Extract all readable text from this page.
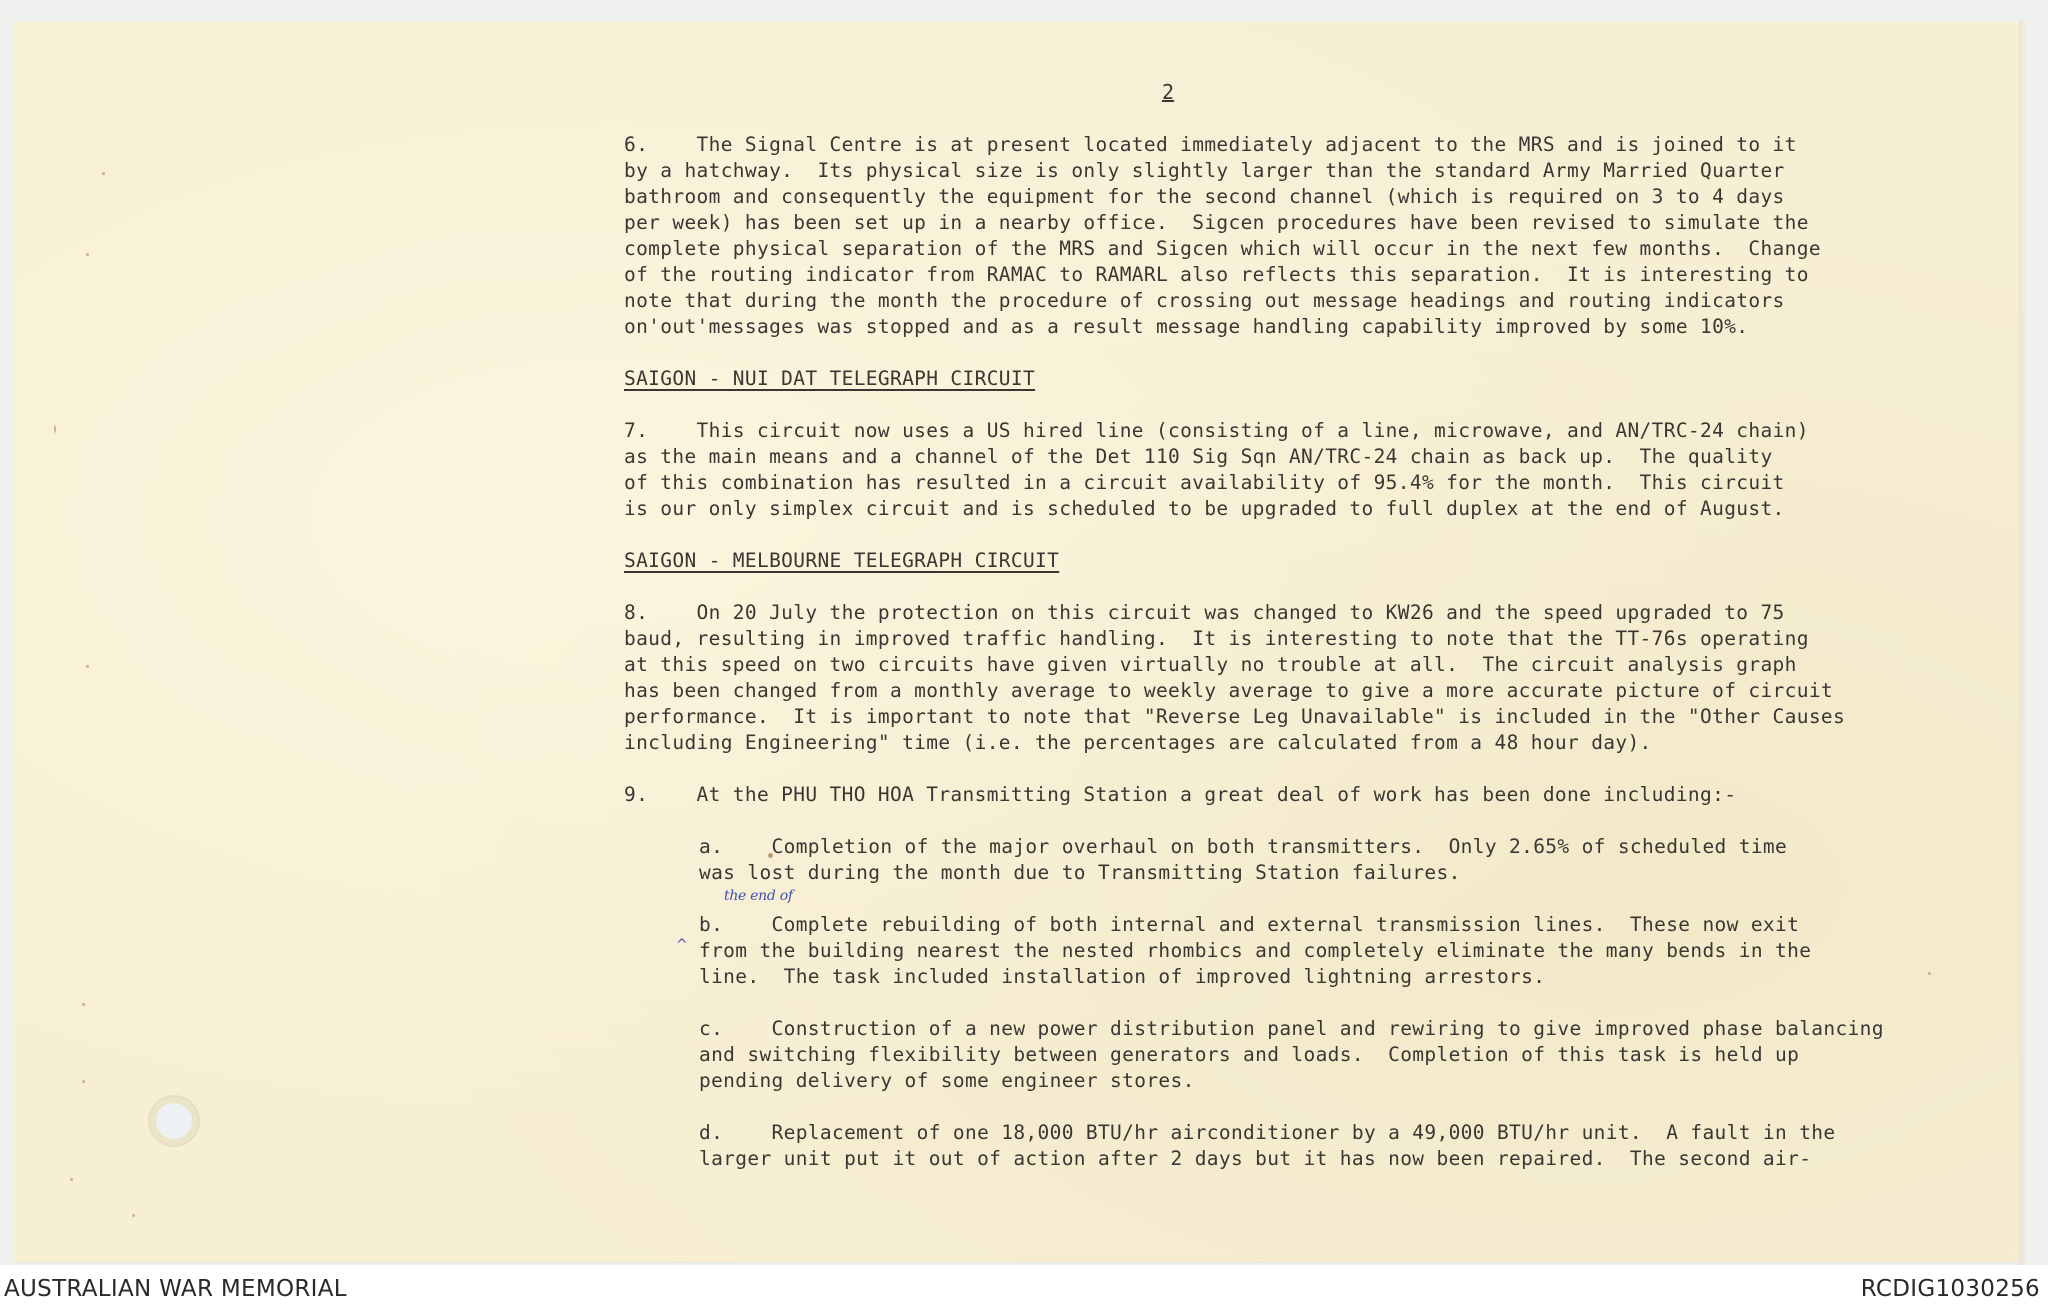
2
6.    The Signal Centre is at present located immediately adjacent to the MRS and is joined to it
by a hatchway.  Its physical size is only slightly larger than the standard Army Married Quarter
bathroom and consequently the equipment for the second channel (which is required on 3 to 4 days
per week) has been set up in a nearby office.  Sigcen procedures have been revised to simulate the
complete physical separation of the MRS and Sigcen which will occur in the next few months.  Change
of the routing indicator from RAMAC to RAMARL also reflects this separation.  It is interesting to
note that during the month the procedure of crossing out message headings and routing indicators
on'out'messages was stopped and as a result message handling capability improved by some 10%.
SAIGON - NUI DAT TELEGRAPH CIRCUIT
7.    This circuit now uses a US hired line (consisting of a line, microwave, and AN/TRC-24 chain)
as the main means and a channel of the Det 110 Sig Sqn AN/TRC-24 chain as back up.  The quality
of this combination has resulted in a circuit availability of 95.4% for the month.  This circuit
is our only simplex circuit and is scheduled to be upgraded to full duplex at the end of August.
SAIGON - MELBOURNE TELEGRAPH CIRCUIT
8.    On 20 July the protection on this circuit was changed to KW26 and the speed upgraded to 75
baud, resulting in improved traffic handling.  It is interesting to note that the TT-76s operating
at this speed on two circuits have given virtually no trouble at all.  The circuit analysis graph
has been changed from a monthly average to weekly average to give a more accurate picture of circuit
performance.  It is important to note that "Reverse Leg Unavailable" is included in the "Other Causes
including Engineering" time (i.e. the percentages are calculated from a 48 hour day).
9.    At the PHU THO HOA Transmitting Station a great deal of work has been done including:-
a.    Completion of the major overhaul on both transmitters.  Only 2.65% of scheduled time
was lost during the month due to Transmitting Station failures.
b.    Complete rebuilding of both internal and external transmission lines.  These now exit
from the building nearest the nested rhombics and completely eliminate the many bends in the
line.  The task included installation of improved lightning arrestors.
c.    Construction of a new power distribution panel and rewiring to give improved phase balancing
and switching flexibility between generators and loads.  Completion of this task is held up
pending delivery of some engineer stores.
d.    Replacement of one 18,000 BTU/hr airconditioner by a 49,000 BTU/hr unit.  A fault in the
larger unit put it out of action after 2 days but it has now been repaired.  The second air-
the end of
^
AUSTRALIAN WAR MEMORIAL	RCDIG1030256
